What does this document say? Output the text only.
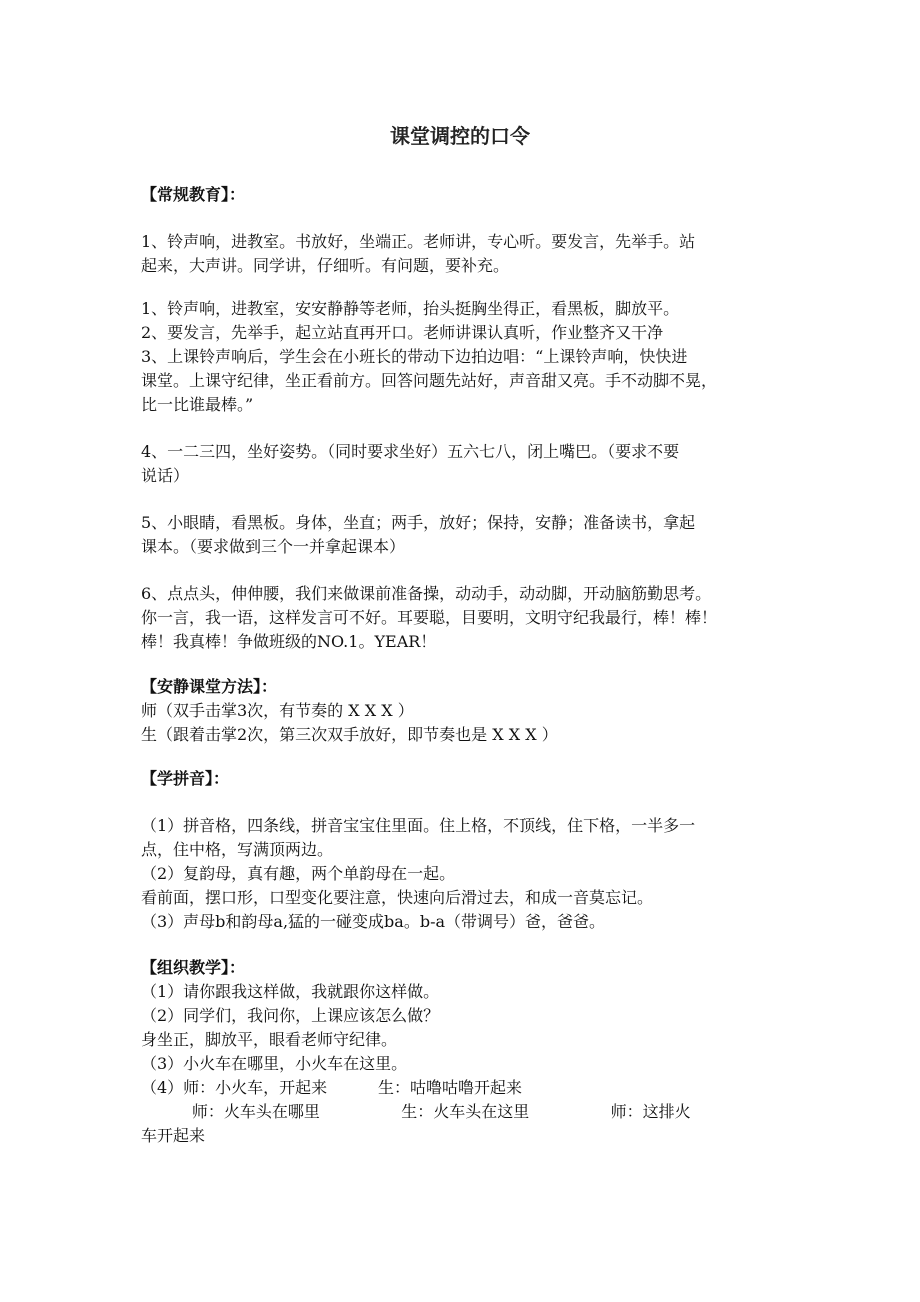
课堂调控的口令
【常规教育】：
1、铃声响，进教室。书放好，坐端正。老师讲，专心听。要发言，先举手。站
起来，大声讲。同学讲，仔细听。有问题，要补充。
1、铃声响，进教室，安安静静等老师，抬头挺胸坐得正，看黑板，脚放平。
2、要发言，先举手，起立站直再开口。老师讲课认真听，作业整齐又干净
3、上课铃声响后，学生会在小班长的带动下边拍边唱：“上课铃声响，快快进
课堂。上课守纪律，坐正看前方。回答问题先站好，声音甜又亮。手不动脚不晃，
比一比谁最棒。”
4、一二三四，坐好姿势。（同时要求坐好）五六七八，闭上嘴巴。（要求不要
说话）
5、小眼睛，看黑板。身体，坐直；两手，放好；保持，安静；准备读书，拿起
课本。（要求做到三个一并拿起课本）
6、点点头，伸伸腰，我们来做课前准备操，动动手，动动脚，开动脑筋勤思考。
你一言，我一语，这样发言可不好。耳要聪，目要明，文明守纪我最行，棒！棒！
棒！我真棒！争做班级的NO.1。YEAR！
【安静课堂方法】：
师（双手击掌3次，有节奏的 X X X ）
生（跟着击掌2次，第三次双手放好，即节奏也是 X X X ）
【学拼音】：
（1）拼音格，四条线，拼音宝宝住里面。住上格，不顶线，住下格，一半多一
点，住中格，写满顶两边。
（2）复韵母，真有趣，两个单韵母在一起。
看前面，摆口形，口型变化要注意，快速向后滑过去，和成一音莫忘记。
（3）声母b和韵母a,猛的一碰变成ba。b-a（带调号）爸，爸爸。
【组织教学】：
（1）请你跟我这样做，我就跟你这样做。
（2）同学们，我问你，上课应该怎么做？
身坐正，脚放平，眼看老师守纪律。
（3）小火车在哪里，小火车在这里。
（4）师：小火车，开起来          生：咕噜咕噜开起来
师：火车头在哪里                生：火车头在这里                师：这排火
车开起来
